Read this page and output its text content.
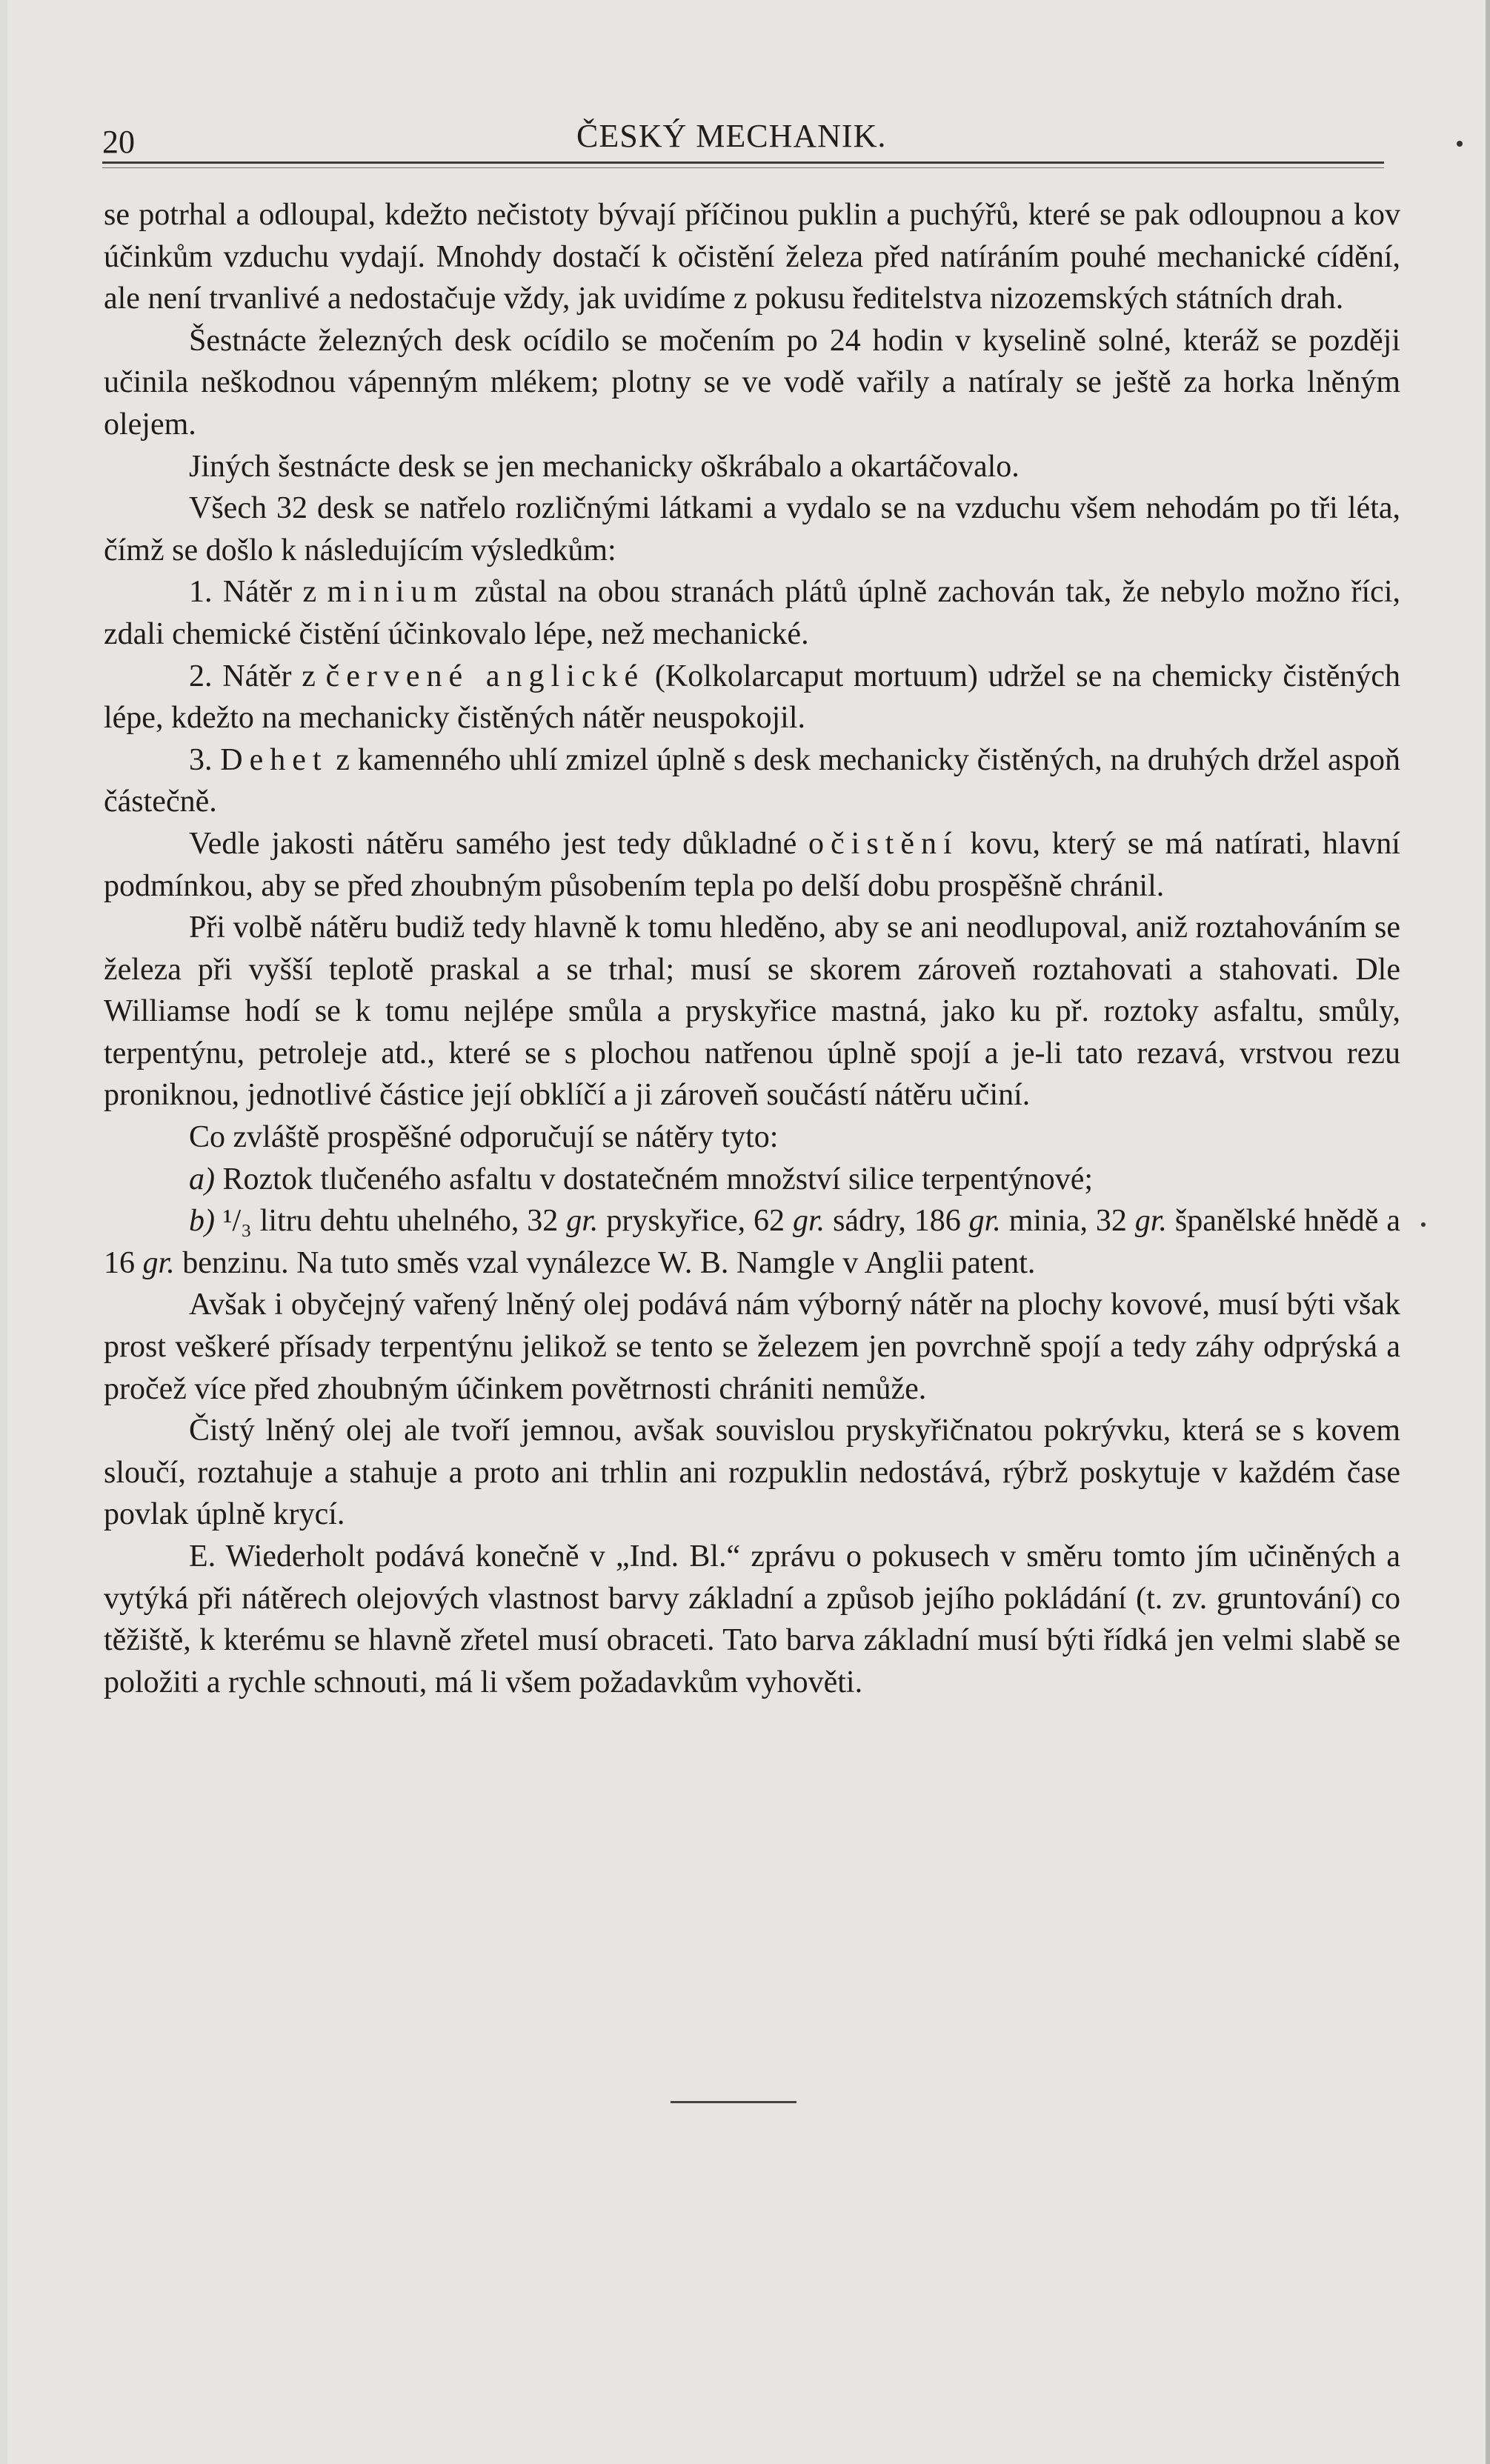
20	ČESKÝ MECHANIK.

se potrhal a odloupal, kdežto nečistoty bývají příčinou puklin a puchýřů, které se pak odloupnou a kov účinkům vzduchu vydají. Mnohdy dostačí k očistění železa před natíráním pouhé mechanické cídění, ale není trvanlivé a nedostačuje vždy, jak uvidíme z pokusu ředitelstva nizozemských státních drah.

Šestnácte železných desk ocídilo se močením po 24 hodin v kyselině solné, kteráž se později učinila neškodnou vápenným mlékem; plotny se ve vodě vařily a natíraly se ještě za horka lněným olejem.

Jiných šestnácte desk se jen mechanicky oškrábalo a okartáčovalo.

Všech 32 desk se natřelo rozličnými látkami a vydalo se na vzduchu všem nehodám po tři léta, čímž se došlo k následujícím výsledkům:

1. Nátěr z minium zůstal na obou stranách plátů úplně zachován tak, že nebylo možno říci, zdali chemické čistění účinkovalo lépe, než mechanické.

2. Nátěr z červené anglické (Kolkolarcaput mortuum) udržel se na chemicky čistěných lépe, kdežto na mechanicky čistěných nátěr neuspokojil.

3. Dehet z kamenného uhlí zmizel úplně s desk mechanicky čistěných, na druhých držel aspoň částečně.

Vedle jakosti nátěru samého jest tedy důkladné očistění kovu, který se má natírati, hlavní podmínkou, aby se před zhoubným působením tepla po delší dobu prospěšně chránil.

Při volbě nátěru budiž tedy hlavně k tomu hleděno, aby se ani neodlupoval, aniž roztahováním se železa při vyšší teplotě praskal a se trhal; musí se skorem zároveň roztahovati a stahovati. Dle Williamse hodí se k tomu nejlépe smůla a pryskyřice mastná, jako ku př. roztoky asfaltu, smůly, terpentýnu, petroleje atd., které se s plochou natřenou úplně spojí a je-li tato rezavá, vrstvou rezu proniknou, jednotlivé částice její obklíčí a ji zároveň součástí nátěru učiní.

Co zvláště prospěšné odporučují se nátěry tyto:

a) Roztok tlučeného asfaltu v dostatečném množství silice terpentýnové;

b) ¹/₃ litru dehtu uhelného, 32 gr. pryskyřice, 62 gr. sádry, 186 gr. minia, 32 gr. španělské hnědě a 16 gr. benzinu. Na tuto směs vzal vynálezce W. B. Namgle v Anglii patent.

Avšak i obyčejný vařený lněný olej podává nám výborný nátěr na plochy kovové, musí býti však prost veškeré přísady terpentýnu jelikož se tento se železem jen povrchně spojí a tedy záhy odprýská a pročež více před zhoubným účinkem povětrnosti chrániti nemůže.

Čistý lněný olej ale tvoří jemnou, avšak souvislou pryskyřičnatou pokrývku, která se s kovem sloučí, roztahuje a stahuje a proto ani trhlin ani rozpuklin nedostává, rýbrž poskytuje v každém čase povlak úplně krycí.

E. Wiederholt podává konečně v „Ind. Bl.“ zprávu o pokusech v směru tomto jím učiněných a vytýká při nátěrech olejových vlastnost barvy základní a způsob jejího pokládání (t. zv. gruntování) co těžiště, k kterému se hlavně zřetel musí obraceti. Tato barva základní musí býti řídká jen velmi slabě se položiti a rychle schnouti, má li všem požadavkům vyhověti.
